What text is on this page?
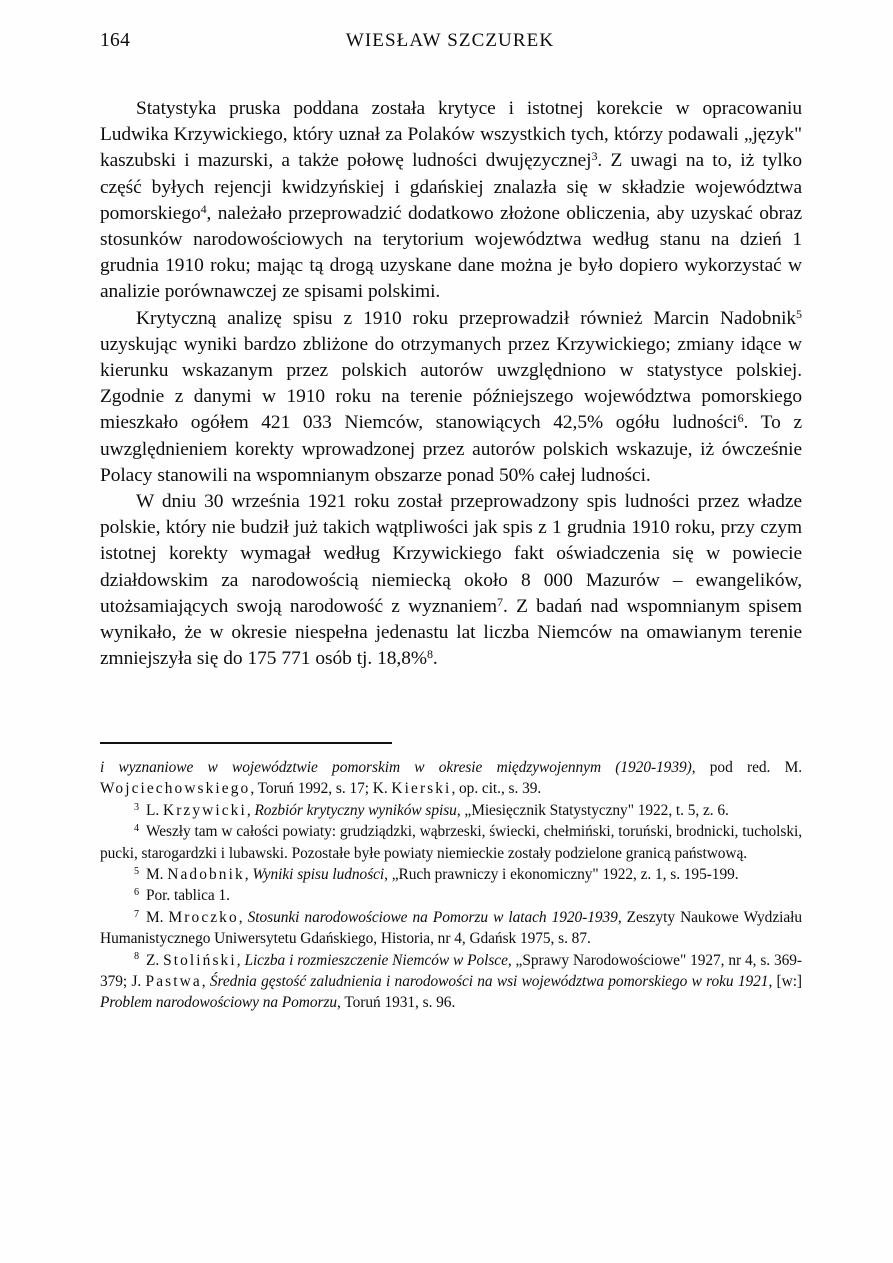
164	WIESŁAW SZCZUREK

Statystyka pruska poddana została krytyce i istotnej korekcie w opracowaniu Ludwika Krzywickiego, który uznał za Polaków wszystkich tych, którzy podawali „język" kaszubski i mazurski, a także połowę ludności dwujęzycznej$^3$. Z uwagi na to, iż tylko część byłych rejencji kwidzyńskiej i gdańskiej znalazła się w składzie województwa pomorskiego$^4$, należało przeprowadzić dodatkowo złożone obliczenia, aby uzyskać obraz stosunków narodowościowych na terytorium województwa według stanu na dzień 1 grudnia 1910 roku; mając tą drogą uzyskane dane można je było dopiero wykorzystać w analizie porównawczej ze spisami polskimi.

Krytyczną analizę spisu z 1910 roku przeprowadził również Marcin Nadobnik$^5$ uzyskując wyniki bardzo zbliżone do otrzymanych przez Krzywickiego; zmiany idące w kierunku wskazanym przez polskich autorów uwzględniono w statystyce polskiej. Zgodnie z danymi w 1910 roku na terenie późniejszego województwa pomorskiego mieszkało ogółem 421 033 Niemców, stanowiących 42,5% ogółu ludności$^6$. To z uwzględnieniem korekty wprowadzonej przez autorów polskich wskazuje, iż ówcześnie Polacy stanowili na wspomnianym obszarze ponad 50% całej ludności.

W dniu 30 września 1921 roku został przeprowadzony spis ludności przez władze polskie, który nie budził już takich wątpliwości jak spis z 1 grudnia 1910 roku, przy czym istotnej korekty wymagał według Krzywickiego fakt oświadczenia się w powiecie działdowskim za narodowością niemiecką około 8 000 Mazurów – ewangelików, utożsamiających swoją narodowość z wyznaniem$^7$. Z badań nad wspomnianym spisem wynikało, że w okresie niespełna jedenastu lat liczba Niemców na omawianym terenie zmniejszyła się do 175 771 osób tj. 18,8%$^8$.

i wyznaniowe w województwie pomorskim w okresie międzywojennym (1920-1939), pod red. M. Wojciechowskiego, Toruń 1992, s. 17; K. Kierski, op. cit., s. 39.

$^3$ L. Krzywicki, Rozbiór krytyczny wyników spisu, „Miesięcznik Statystyczny" 1922, t. 5, z. 6.

$^4$ Weszły tam w całości powiaty: grudziądzki, wąbrzeski, świecki, chełmiński, toruński, brodnicki, tucholski, pucki, starogardzki i lubawski. Pozostałe byłe powiaty niemieckie zostały podzielone granicą państwową.

$^5$ M. Nadobnik, Wyniki spisu ludności, „Ruch prawniczy i ekonomiczny" 1922, z. 1, s. 195-199.

$^6$ Por. tablica 1.

$^7$ M. Mroczko, Stosunki narodowościowe na Pomorzu w latach 1920-1939, Zeszyty Naukowe Wydziału Humanistycznego Uniwersytetu Gdańskiego, Historia, nr 4, Gdańsk 1975, s. 87.

$^8$ Z. Stoliński, Liczba i rozmieszczenie Niemców w Polsce, „Sprawy Narodowościowe" 1927, nr 4, s. 369-379; J. Pastwa, Średnia gęstość zaludnienia i narodowości na wsi województwa pomorskiego w roku 1921, [w:] Problem narodowościowy na Pomorzu, Toruń 1931, s. 96.
